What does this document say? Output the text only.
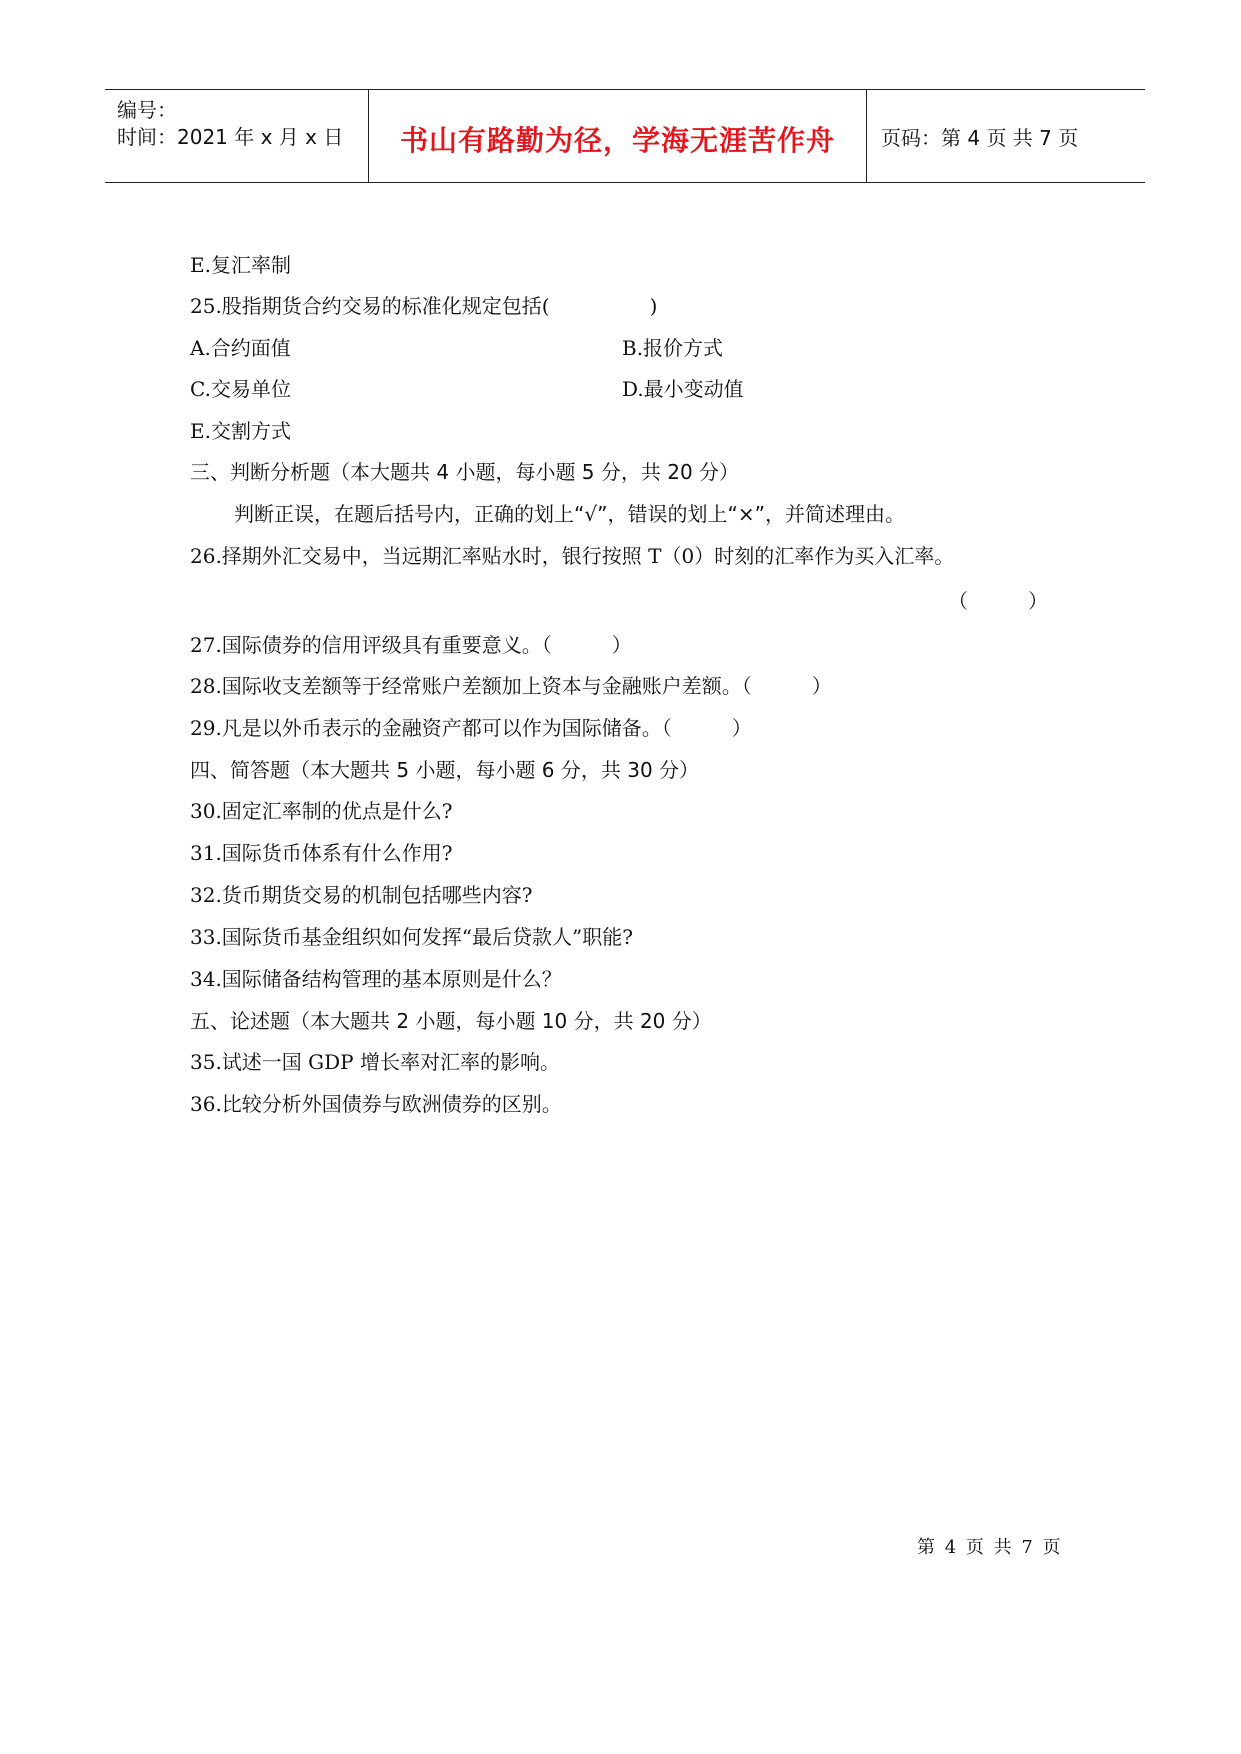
编号：
时间：2021 年 x 月 x 日	书山有路勤为径，学海无涯苦作舟	页码：第 4 页 共 7 页
E.复汇率制
25.股指期货合约交易的标准化规定包括(　　　　　)
A.合约面值	B.报价方式
C.交易单位	D.最小变动值
E.交割方式
三、判断分析题（本大题共 4 小题，每小题 5 分，共 20 分）
判断正误，在题后括号内，正确的划上“√”，错误的划上“×”，并简述理由。
26.择期外汇交易中，当远期汇率贴水时，银行按照 T（0）时刻的汇率作为买入汇率。
（　　　）
27.国际债券的信用评级具有重要意义。（　　　）
28.国际收支差额等于经常账户差额加上资本与金融账户差额。（　　　）
29.凡是以外币表示的金融资产都可以作为国际储备。（　　　）
四、简答题（本大题共 5 小题，每小题 6 分，共 30 分）
30.固定汇率制的优点是什么?
31.国际货币体系有什么作用?
32.货币期货交易的机制包括哪些内容?
33.国际货币基金组织如何发挥“最后贷款人”职能?
34.国际储备结构管理的基本原则是什么？
五、论述题（本大题共 2 小题，每小题 10 分，共 20 分）
35.试述一国 GDP 增长率对汇率的影响。
36.比较分析外国债券与欧洲债券的区别。
第 4 页 共 7 页
